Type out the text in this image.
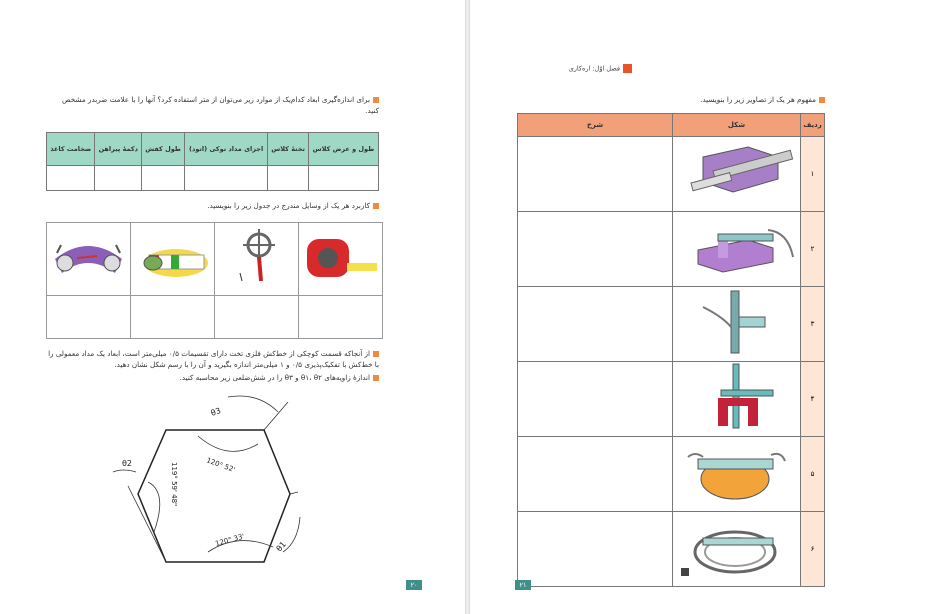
برای اندازه‌گیری ابعاد کدام‌یک از موارد زیر می‌توان از متر استفاده کرد؟ آنها را با علامت ضربدر مشخص کنید.
طول و عرض کلاس	تختهٔ کلاس	اجزای مداد نوکی (اتود)	طول کفش	دکمهٔ پیراهن	ضخامت کاغذ

کاربرد هر یک از وسایل مندرج در جدول زیر را بنویسید.

از آنجاکه قسمت کوچکی از خط‌کش فلزی تخت دارای تقسیمات ۰/۵ میلی‌متر است، ابعاد یک مداد معمولی را با خط‌کش با تفکیک‌پذیری ۰/۵ و ۱ میلی‌متر اندازه بگیرید و آن را با رسم شکل نشان دهید.
اندازهٔ زاویه‌های θ۱، θ۲ و θ۳ را در شش‌ضلعی زیر محاسبه کنید.
θ3
θ2
θ1
120° 52'
119° 59' 48"
120° 33'
۲۰
فصل اوّل: اره‌کاری
مفهوم هر یک از تصاویر زیر را بنویسید.
ردیف	شکل	شرح
۱		
۲		
۳		
۴		
۵		
۶		
۲۱
